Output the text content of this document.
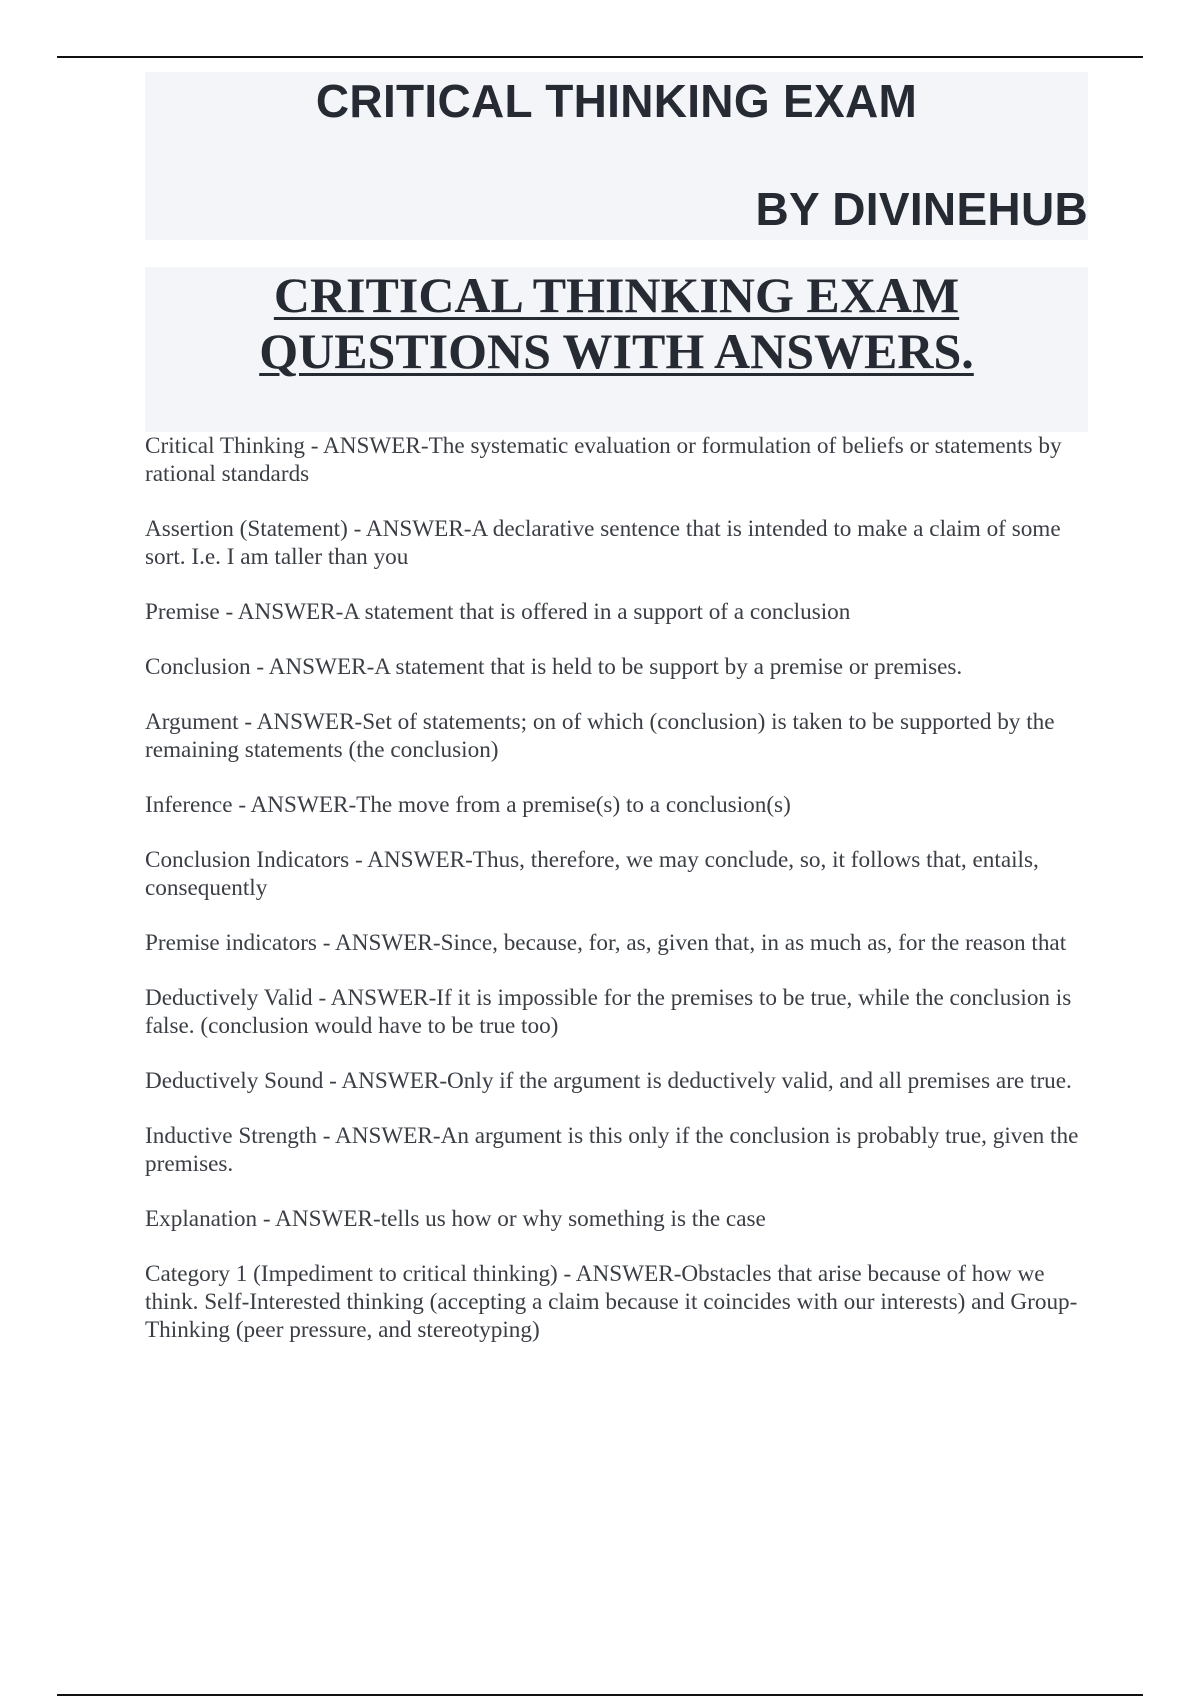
CRITICAL THINKING EXAM

BY DIVINEHUB

CRITICAL THINKING EXAM
QUESTIONS WITH ANSWERS.
Critical Thinking - ANSWER-The systematic evaluation or formulation of beliefs or statements by rational standards
Assertion (Statement) - ANSWER-A declarative sentence that is intended to make a claim of some sort. I.e. I am taller than you
Premise - ANSWER-A statement that is offered in a support of a conclusion
Conclusion - ANSWER-A statement that is held to be support by a premise or premises.
Argument - ANSWER-Set of statements; on of which (conclusion) is taken to be supported by the remaining statements (the conclusion)
Inference - ANSWER-The move from a premise(s) to a conclusion(s)
Conclusion Indicators - ANSWER-Thus, therefore, we may conclude, so, it follows that, entails, consequently
Premise indicators - ANSWER-Since, because, for, as, given that, in as much as, for the reason that
Deductively Valid - ANSWER-If it is impossible for the premises to be true, while the conclusion is false. (conclusion would have to be true too)
Deductively Sound - ANSWER-Only if the argument is deductively valid, and all premises are true.
Inductive Strength - ANSWER-An argument is this only if the conclusion is probably true, given the premises.
Explanation - ANSWER-tells us how or why something is the case
Category 1 (Impediment to critical thinking) - ANSWER-Obstacles that arise because of how we think. Self-Interested thinking (accepting a claim because it coincides with our interests) and Group-Thinking (peer pressure, and stereotyping)
